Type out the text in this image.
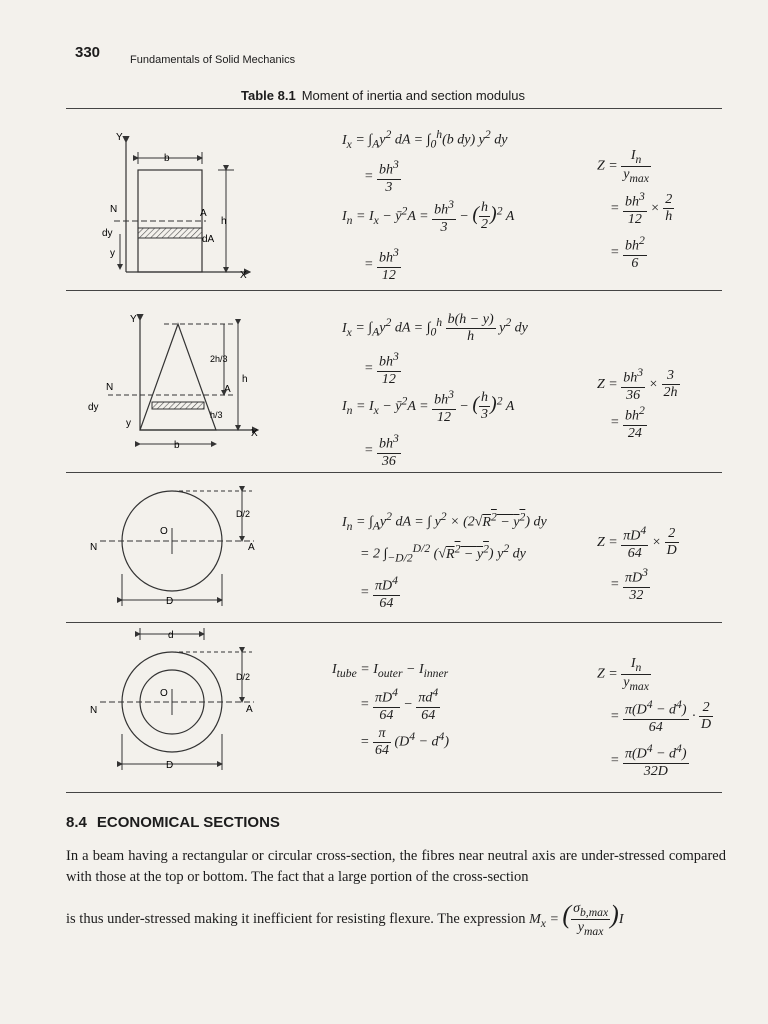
330	Fundamentals of Solid Mechanics
Table 8.1 Moment of inertia and section modulus
Y
X
b
N	A
dy
dA
y
h
$I_x = \int_Ay^2$ dA = $\int_0^h(b$ dy) $y^2$ dy
= $\frac{bh^3}{3}$
$I_n = I_x$ − $ȳ^2A = \frac{bh^3}{3}$ − ( $\frac{h}{2} )^2$ A
= $\frac{bh^3}{12}$
$Z = \frac{I_n}{y_{max}}$
= $\frac{bh^3}{12} \times \frac{2}{h}$
= $\frac{bh^2}{6}$
Y
X
N	A
dy
y
h
2h/3
h/3
b
$I_x = \int_Ay^2$ dA = $\int_0^h \frac{b(h - y)}{h} y^2$ dy
= $\frac{bh^3}{12}$
$I_n = I_x$ − $ȳ^2A = \frac{bh^3}{12}$ − ( $\frac{h}{3} )^2$ A
= $\frac{bh^3}{36}$
$Z = \frac{bh^3}{36} \times \frac{3}{2h}$
= $\frac{bh^2}{24}$
N
O
A
D/2
D
$I_n = \int_Ay^2$ dA = ∫ $y^2 \times (2√R^2 - y^2)$ dy
= 2 $\int_{-D/2}^{D/2}$ $(√R^2 - y^2)$ $y^2$ dy
= $\frac{\pi D^4}{64}$
$Z = \frac{\pi D^4}{64} \times \frac{2}{D}$
= $\frac{\pi D^3}{32}$
d
N
O
A
D/2
D
$I_{tube} = I_{outer} - I_{inner}$
= $\frac{\pi D^4}{64} - \frac{\pi d^4}{64}$
= $\frac{\pi}{64} (D^4 - d^4)$
$Z = \frac{I_n}{y_{max}}$
= $\frac{\pi(D^4 - d^4)}{64} \cdot \frac{2}{D}$
= $\frac{\pi(D^4 - d^4)}{32D}$
8.4 ECONOMICAL SECTIONS
In a beam having a rectangular or circular cross-section, the fibres near neutral axis are under-stressed compared with those at the top or bottom. The fact that a large portion of the cross-section
is thus under-stressed making it inefficient for resisting flexure. The expression $M_x$ = ( $\frac{\sigma_{b,max}}{y_{max}} )I$
